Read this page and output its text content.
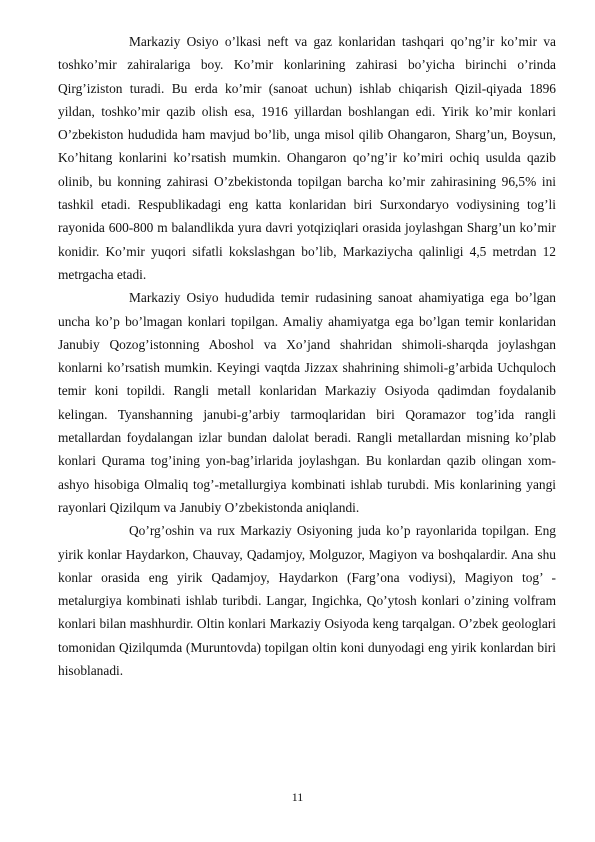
Markaziy Osiyo o’lkasi neft va gaz konlaridan tashqari qo’ng’ir ko’mir va toshko’mir zahiralariga boy. Ko’mir konlarining zahirasi bo’yicha birinchi o’rinda Qirg’iziston turadi. Bu erda ko’mir (sanoat uchun) ishlab chiqarish Qizil-qiyada 1896 yildan, toshko’mir qazib olish esa, 1916 yillardan boshlangan edi. Yirik ko’mir konlari O’zbekiston hududida ham mavjud bo’lib, unga misol qilib Ohangaron, Sharg’un, Boysun, Ko’hitang konlarini ko’rsatish mumkin. Ohangaron qo’ng’ir ko’miri ochiq usulda qazib olinib, bu konning zahirasi O’zbekistonda topilgan barcha ko’mir zahirasining 96,5% ini tashkil etadi. Respublikadagi eng katta konlaridan biri Surxondaryo vodiysining tog’li rayonida 600-800 m balandlikda yura davri yotqiziqlari orasida joylashgan Sharg’un ko’mir konidir. Ko’mir yuqori sifatli kokslashgan bo’lib, Markaziycha qalinligi 4,5 metrdan 12 metrgacha etadi.

Markaziy Osiyo hududida temir rudasining sanoat ahamiyatiga ega bo’lgan uncha ko’p bo’lmagan konlari topilgan. Amaliy ahamiyatga ega bo’lgan temir konlaridan Janubiy Qozog’istonning Aboshol va Xo’jand shahridan shimoli-sharqda joylashgan konlarni ko’rsatish mumkin. Keyingi vaqtda Jizzax shahrining shimoli-g’arbida Uchquloch temir koni topildi. Rangli metall konlaridan Markaziy Osiyoda qadimdan foydalanib kelingan. Tyanshanning janubi-g’arbiy tarmoqlaridan biri Qoramazor tog’ida rangli metallardan foydalangan izlar bundan dalolat beradi. Rangli metallardan misning ko’plab konlari Qurama tog’ining yon-bag’irlarida joylashgan. Bu konlardan qazib olingan xom-ashyo hisobiga Olmaliq tog’-metallurgiya kombinati ishlab turubdi. Mis konlarining yangi rayonlari Qizilqum va Janubiy O’zbekistonda aniqlandi.

Qo’rg’oshin va rux Markaziy Osiyoning juda ko’p rayonlarida topilgan. Eng yirik konlar Haydarkon, Chauvay, Qadamjoy, Molguzor, Magiyon va boshqalardir. Ana shu konlar orasida eng yirik Qadamjoy, Haydarkon (Farg’ona vodiysi), Magiyon tog’ - metalurgiya kombinati ishlab turibdi. Langar, Ingichka, Qo’ytosh konlari o’zining volfram konlari bilan mashhurdir. Oltin konlari Markaziy Osiyoda keng tarqalgan. O’zbek geologlari tomonidan Qizilqumda (Muruntovda) topilgan oltin koni dunyodagi eng yirik konlardan biri hisoblanadi.

11
